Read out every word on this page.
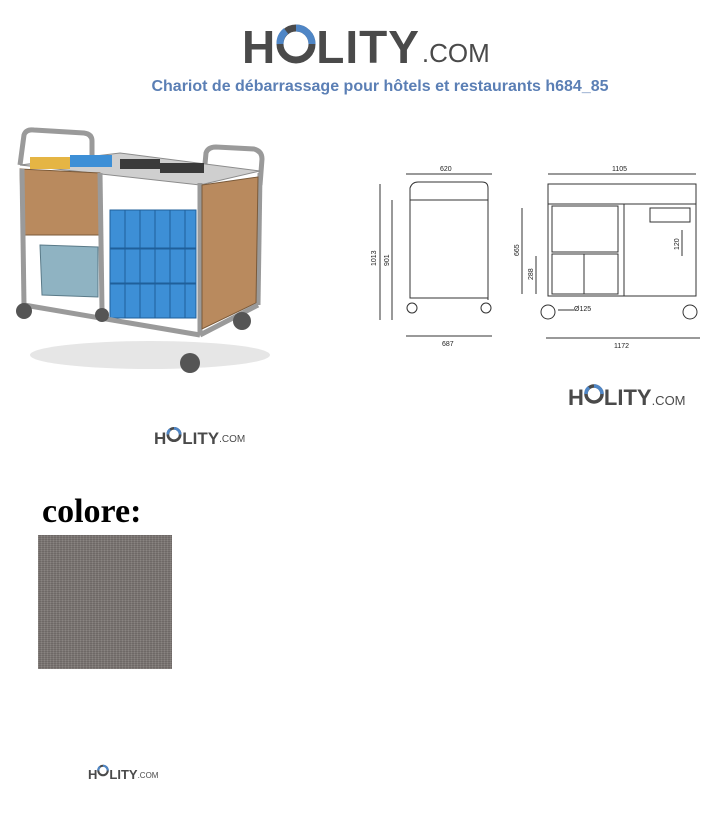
H LITY .COM
Chariot de débarrassage pour hôtels et restaurants h684_85
620	1105
1013 901
665
288
120
Ø125
687	1172
H LITY .COM
H LITY .COM
colore:
H LITY .COM
